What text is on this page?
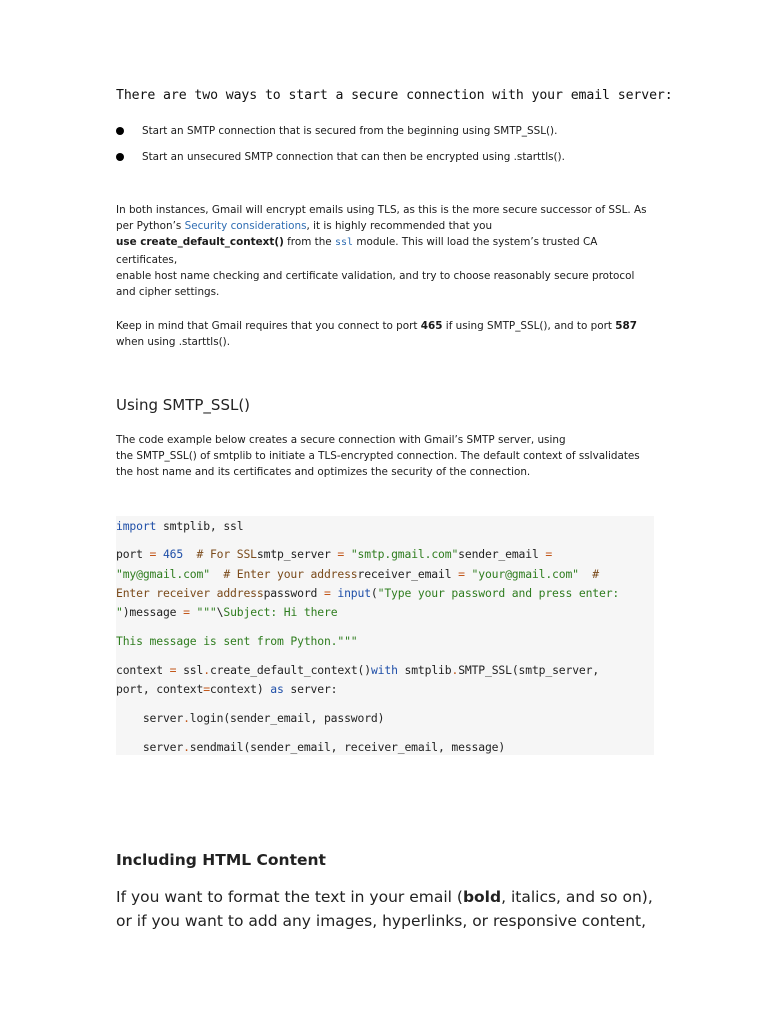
There are two ways to start a secure connection with your email server:
Start an SMTP connection that is secured from the beginning using SMTP_SSL().
Start an unsecured SMTP connection that can then be encrypted using .starttls().
In both instances, Gmail will encrypt emails using TLS, as this is the more secure successor of SSL. As
per Python’s Security considerations, it is highly recommended that you
use create_default_context() from the ssl module. This will load the system’s trusted CA certificates,
enable host name checking and certificate validation, and try to choose reasonably secure protocol
and cipher settings.
Keep in mind that Gmail requires that you connect to port 465 if using SMTP_SSL(), and to port 587
when using .starttls().
Using SMTP_SSL()
The code example below creates a secure connection with Gmail’s SMTP server, using
the SMTP_SSL() of smtplib to initiate a TLS-encrypted connection. The default context of sslvalidates
the host name and its certificates and optimizes the security of the connection.
import smtplib, ssl
port = 465  # For SSLsmtp_server = "smtp.gmail.com"sender_email =
"my@gmail.com"  # Enter your addressreceiver_email = "your@gmail.com"  #
Enter receiver addresspassword = input("Type your password and press enter:
")message = """\Subject: Hi there
This message is sent from Python."""
context = ssl.create_default_context()with smtplib.SMTP_SSL(smtp_server,
port, context=context) as server:
server.login(sender_email, password)
server.sendmail(sender_email, receiver_email, message)
Including HTML Content
If you want to format the text in your email (bold, italics, and so on),
or if you want to add any images, hyperlinks, or responsive content,
